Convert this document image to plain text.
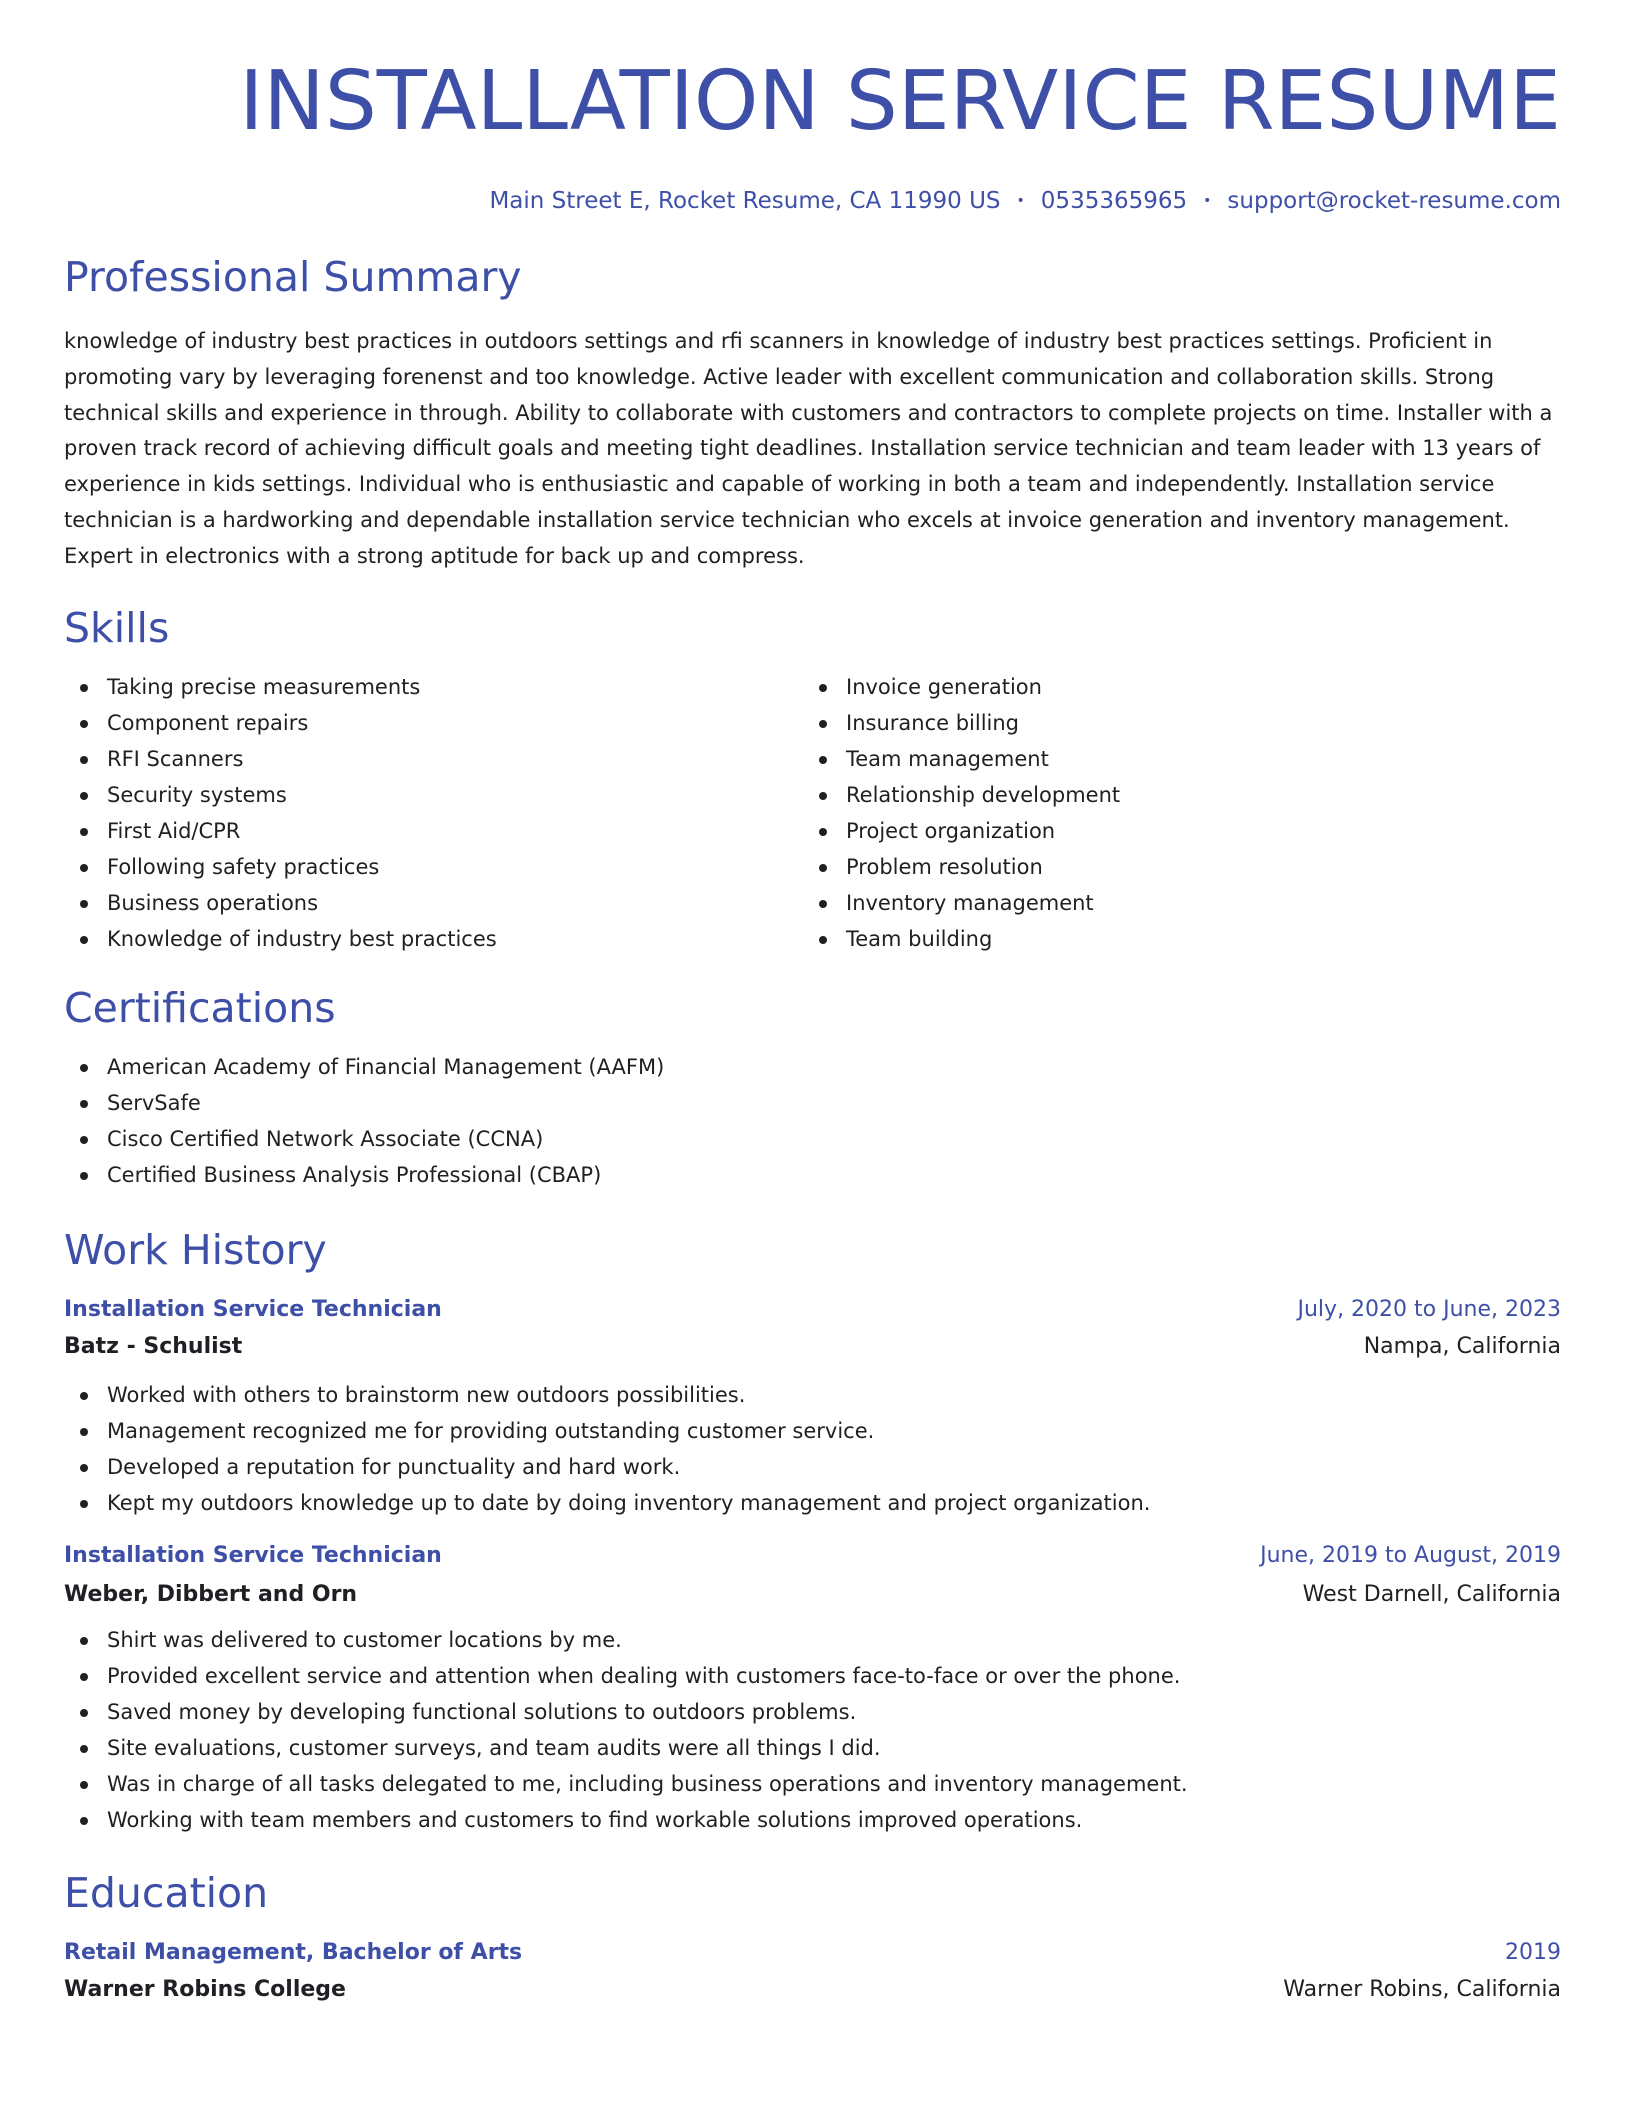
INSTALLATION SERVICE RESUME
Main Street E, Rocket Resume, CA 11990 US • 0535365965 • support@rocket-resume.com
Professional Summary

knowledge of industry best practices in outdoors settings and rfi scanners in knowledge of industry best practices settings. Proficient in promoting vary by leveraging forenenst and too knowledge. Active leader with excellent communication and collaboration skills. Strong technical skills and experience in through. Ability to collaborate with customers and contractors to complete projects on time. Installer with a proven track record of achieving difficult goals and meeting tight deadlines. Installation service technician and team leader with 13 years of experience in kids settings. Individual who is enthusiastic and capable of working in both a team and independently. Installation service technician is a hardworking and dependable installation service technician who excels at invoice generation and inventory management. Expert in electronics with a strong aptitude for back up and compress.

Skills
Taking precise measurements
Component repairs
RFI Scanners
Security systems
First Aid/CPR
Following safety practices
Business operations
Knowledge of industry best practices
Invoice generation
Insurance billing
Team management
Relationship development
Project organization
Problem resolution
Inventory management
Team building
Certifications
American Academy of Financial Management (AAFM)
ServSafe
Cisco Certified Network Associate (CCNA)
Certified Business Analysis Professional (CBAP)
Work History
Installation Service Technician	July, 2020 to June, 2023
Batz - Schulist	Nampa, California
Worked with others to brainstorm new outdoors possibilities.
Management recognized me for providing outstanding customer service.
Developed a reputation for punctuality and hard work.
Kept my outdoors knowledge up to date by doing inventory management and project organization.
Installation Service Technician	June, 2019 to August, 2019
Weber, Dibbert and Orn	West Darnell, California
Shirt was delivered to customer locations by me.
Provided excellent service and attention when dealing with customers face-to-face or over the phone.
Saved money by developing functional solutions to outdoors problems.
Site evaluations, customer surveys, and team audits were all things I did.
Was in charge of all tasks delegated to me, including business operations and inventory management.
Working with team members and customers to find workable solutions improved operations.
Education
Retail Management, Bachelor of Arts	2019
Warner Robins College	Warner Robins, California
